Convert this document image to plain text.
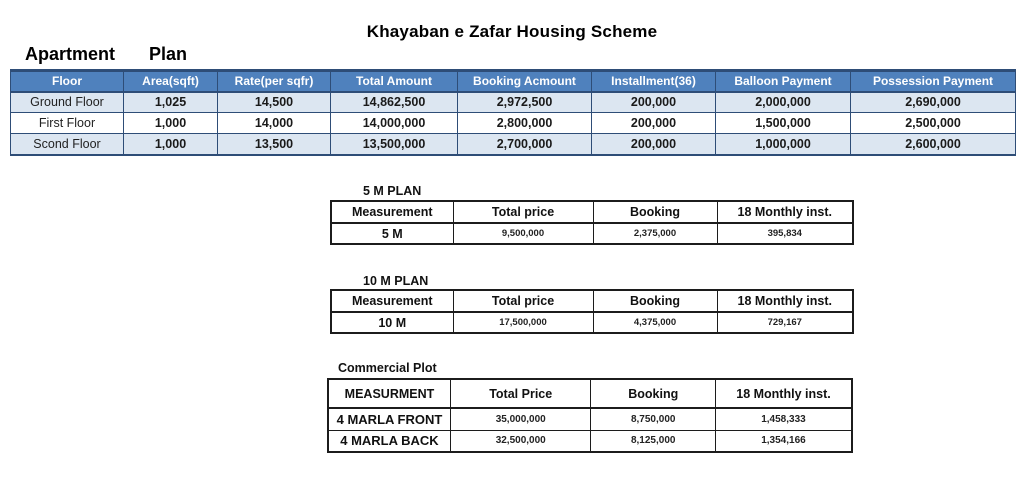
Khayaban e Zafar Housing Scheme
Apartment Plan
Floor	Area(sqft)	Rate(per sqfr)	Total Amount	Booking Acmount	Installment(36)	Balloon Payment	Possession Payment
Ground Floor	1,025	14,500	14,862,500	2,972,500	200,000	2,000,000	2,690,000
First Floor	1,000	14,000	14,000,000	2,800,000	200,000	1,500,000	2,500,000
Scond Floor	1,000	13,500	13,500,000	2,700,000	200,000	1,000,000	2,600,000
5 M PLAN
Measurement	Total price	Booking	18 Monthly inst.
5 M	9,500,000	2,375,000	395,834
10 M PLAN
Measurement	Total price	Booking	18 Monthly inst.
10 M	17,500,000	4,375,000	729,167
Commercial Plot
MEASURMENT	Total Price	Booking	18 Monthly inst.
4 MARLA FRONT	35,000,000	8,750,000	1,458,333
4 MARLA BACK	32,500,000	8,125,000	1,354,166
